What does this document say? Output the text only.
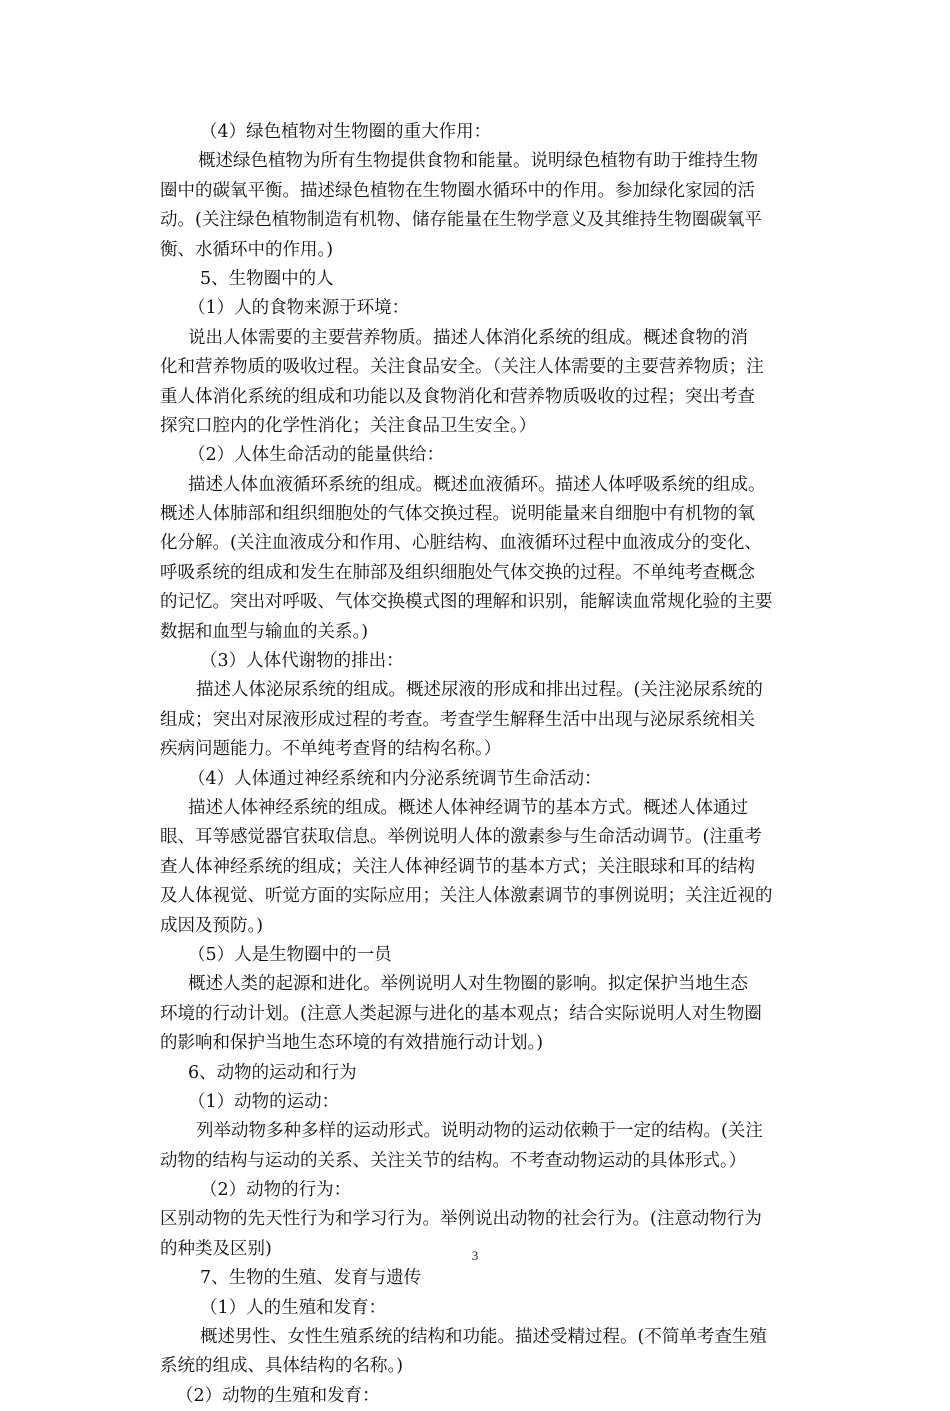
（4）绿色植物对生物圈的重大作用：
概述绿色植物为所有生物提供食物和能量。说明绿色植物有助于维持生物
圈中的碳氧平衡。描述绿色植物在生物圈水循环中的作用。参加绿化家园的活
动。(关注绿色植物制造有机物、储存能量在生物学意义及其维持生物圈碳氧平
衡、水循环中的作用。)
5、生物圈中的人
（1）人的食物来源于环境：
说出人体需要的主要营养物质。描述人体消化系统的组成。概述食物的消
化和营养物质的吸收过程。关注食品安全。（关注人体需要的主要营养物质；注
重人体消化系统的组成和功能以及食物消化和营养物质吸收的过程；突出考查
探究口腔内的化学性消化；关注食品卫生安全。）
（2）人体生命活动的能量供给：
描述人体血液循环系统的组成。概述血液循环。描述人体呼吸系统的组成。
概述人体肺部和组织细胞处的气体交换过程。说明能量来自细胞中有机物的氧
化分解。(关注血液成分和作用、心脏结构、血液循环过程中血液成分的变化、
呼吸系统的组成和发生在肺部及组织细胞处气体交换的过程。不单纯考查概念
的记忆。突出对呼吸、气体交换模式图的理解和识别，能解读血常规化验的主要
数据和血型与输血的关系。)
（3）人体代谢物的排出：
描述人体泌尿系统的组成。概述尿液的形成和排出过程。(关注泌尿系统的
组成；突出对尿液形成过程的考查。考查学生解释生活中出现与泌尿系统相关
疾病问题能力。不单纯考查肾的结构名称。）
（4）人体通过神经系统和内分泌系统调节生命活动：
描述人体神经系统的组成。概述人体神经调节的基本方式。概述人体通过
眼、耳等感觉器官获取信息。举例说明人体的激素参与生命活动调节。(注重考
查人体神经系统的组成；关注人体神经调节的基本方式；关注眼球和耳的结构
及人体视觉、听觉方面的实际应用；关注人体激素调节的事例说明；关注近视的
成因及预防。)
（5）人是生物圈中的一员
概述人类的起源和进化。举例说明人对生物圈的影响。拟定保护当地生态
环境的行动计划。(注意人类起源与进化的基本观点；结合实际说明人对生物圈
的影响和保护当地生态环境的有效措施行动计划。)
6、动物的运动和行为
（1）动物的运动：
列举动物多种多样的运动形式。说明动物的运动依赖于一定的结构。(关注
动物的结构与运动的关系、关注关节的结构。不考查动物运动的具体形式。）
（2）动物的行为：
区别动物的先天性行为和学习行为。举例说出动物的社会行为。(注意动物行为
的种类及区别)
7、生物的生殖、发育与遗传
（1）人的生殖和发育：
概述男性、女性生殖系统的结构和功能。描述受精过程。(不简单考查生殖
系统的组成、具体结构的名称。)
（2）动物的生殖和发育：
3
